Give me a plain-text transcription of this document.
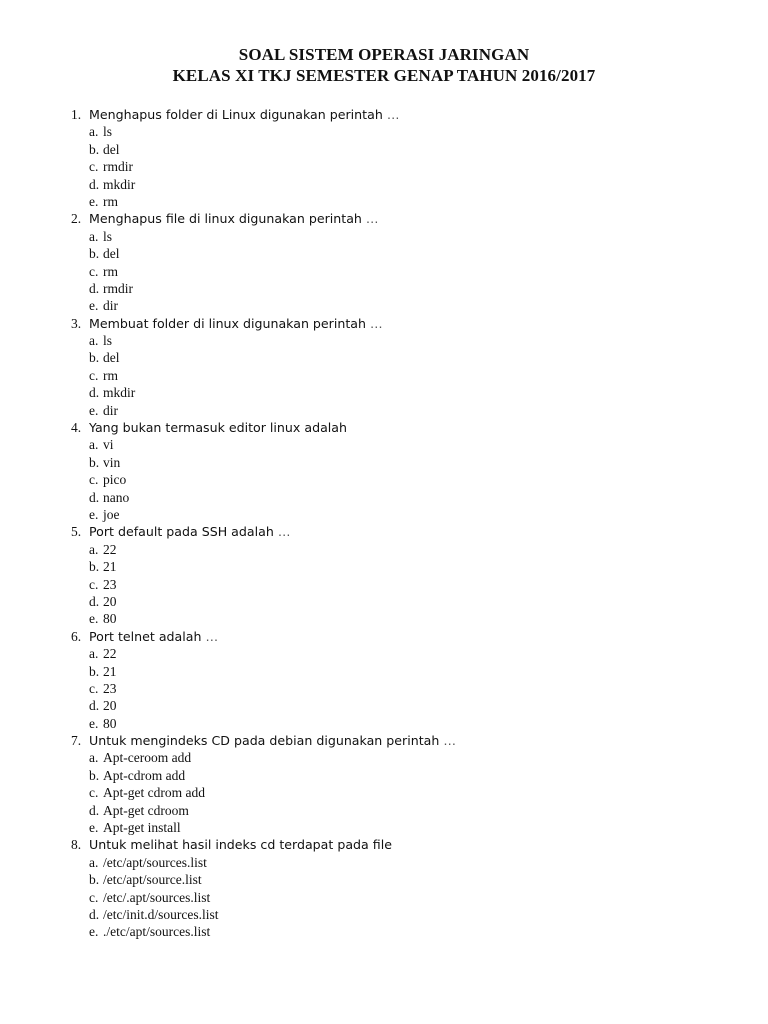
SOAL SISTEM OPERASI JARINGAN
KELAS XI TKJ SEMESTER GENAP TAHUN 2016/2017
1. Menghapus folder di Linux digunakan perintah …
a. ls
b. del
c. rmdir
d. mkdir
e. rm
2. Menghapus file di linux digunakan perintah …
a. ls
b. del
c. rm
d. rmdir
e. dir
3. Membuat folder di linux digunakan perintah …
a. ls
b. del
c. rm
d. mkdir
e. dir
4. Yang bukan termasuk editor linux adalah
a. vi
b. vin
c. pico
d. nano
e. joe
5. Port default pada SSH adalah …
a. 22
b. 21
c. 23
d. 20
e. 80
6. Port telnet adalah …
a. 22
b. 21
c. 23
d. 20
e. 80
7. Untuk mengindeks CD pada debian digunakan perintah …
a. Apt-ceroom add
b. Apt-cdrom add
c. Apt-get cdrom add
d. Apt-get cdroom
e. Apt-get install
8. Untuk melihat hasil indeks cd terdapat pada file
a. /etc/apt/sources.list
b. /etc/apt/source.list
c. /etc/.apt/sources.list
d. /etc/init.d/sources.list
e. ./etc/apt/sources.list
